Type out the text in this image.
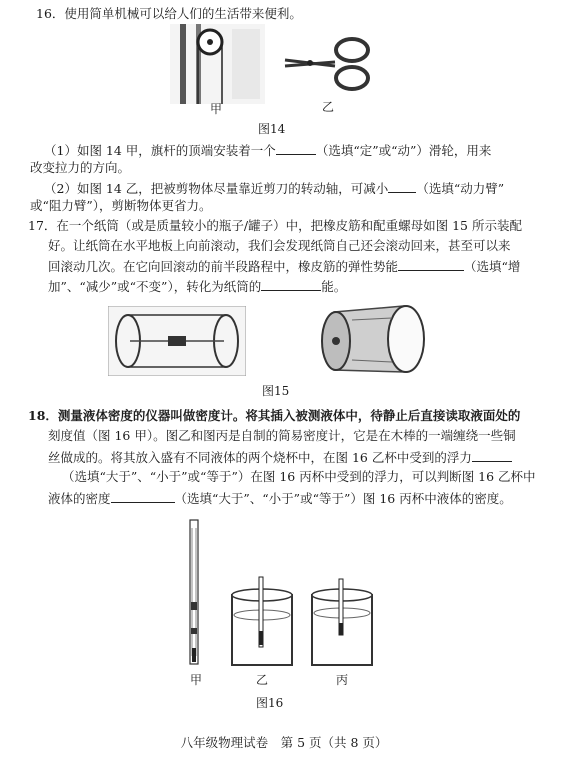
16．使用简单机械可以给人们的生活带来便利。
甲	乙
图14
（1）如图 14 甲，旗杆的顶端安装着一个	（选填“定”或“动”）滑轮，用来
改变拉力的方向。
（2）如图 14 乙，把被剪物体尽量靠近剪刀的转动轴，可减小 （选填“动力臂”
或“阻力臂”），剪断物体更省力。
17．在一个纸筒（或是质量较小的瓶子/罐子）中，把橡皮筋和配重螺母如图 15 所示装配
好。让纸筒在水平地板上向前滚动，我们会发现纸筒自己还会滚动回来，甚至可以来
回滚动几次。在它向回滚动的前半段路程中，橡皮筋的弹性势能	（选填“增
加”、“减少”或“不变”），转化为纸筒的	能。
图15
18．测量液体密度的仪器叫做密度计。将其插入被测液体中，待静止后直接读取液面处的
刻度值（图 16 甲）。图乙和图丙是自制的简易密度计，它是在木棒的一端缠绕一些铜
丝做成的。将其放入盛有不同液体的两个烧杯中，在图 16 乙杯中受到的浮力
（选填“大于”、“小于”或“等于”）在图 16 丙杯中受到的浮力，可以判断图 16 乙杯中
液体的密度	（选填“大于”、“小于”或“等于”）图 16 丙杯中液体的密度。
甲	乙	丙
图16
八年级物理试卷　第 5 页（共 8 页）
